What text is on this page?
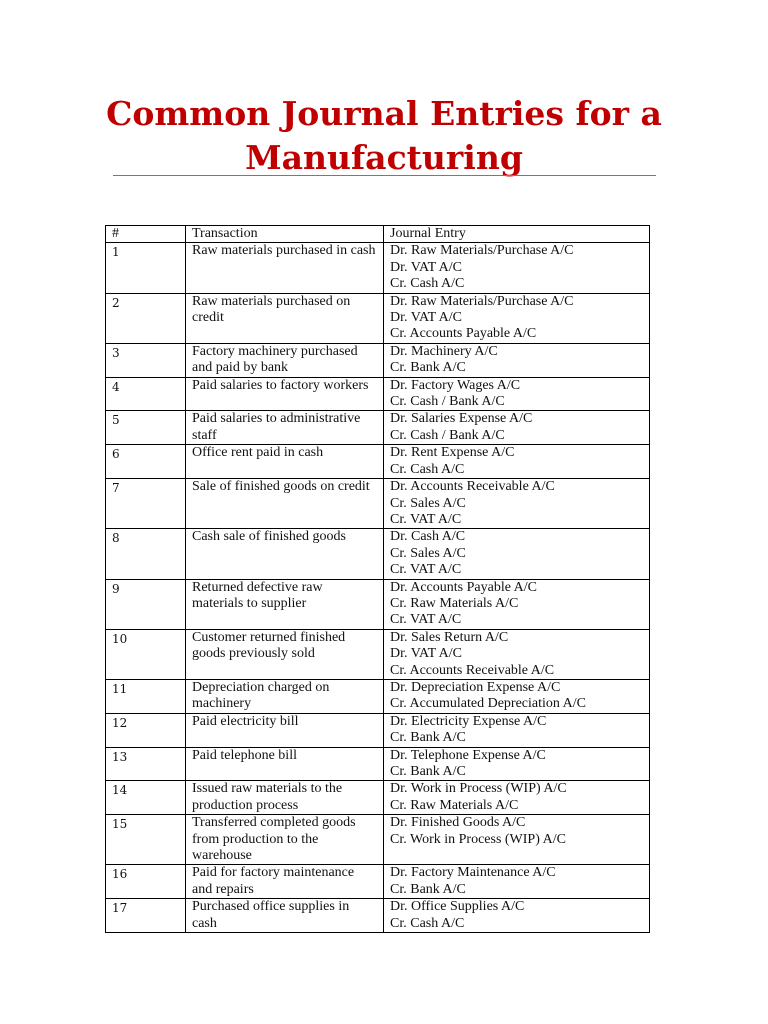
Common Journal Entries for a Manufacturing
#	Transaction	Journal Entry
1	Raw materials purchased in cash	Dr. Raw Materials/Purchase A/C
Dr. VAT A/C
Cr. Cash A/C

2	Raw materials purchased on credit	Dr. Raw Materials/Purchase A/C
Dr. VAT A/C
Cr. Accounts Payable A/C

3	Factory machinery purchased and paid by bank	Dr. Machinery A/C
Cr. Bank A/C

4	Paid salaries to factory workers	Dr. Factory Wages A/C
Cr. Cash / Bank A/C

5	Paid salaries to administrative staff	Dr. Salaries Expense A/C
Cr. Cash / Bank A/C

6	Office rent paid in cash	Dr. Rent Expense A/C
Cr. Cash A/C

7	Sale of finished goods on credit	Dr. Accounts Receivable A/C
Cr. Sales A/C
Cr. VAT A/C

8	Cash sale of finished goods	Dr. Cash A/C
Cr. Sales A/C
Cr. VAT A/C

9	Returned defective raw materials to supplier	Dr. Accounts Payable A/C
Cr. Raw Materials A/C
Cr. VAT A/C

10	Customer returned finished goods previously sold	Dr. Sales Return A/C
Dr. VAT A/C
Cr. Accounts Receivable A/C

11	Depreciation charged on machinery	Dr. Depreciation Expense A/C
Cr. Accumulated Depreciation A/C

12	Paid electricity bill	Dr. Electricity Expense A/C
Cr. Bank A/C

13	Paid telephone bill	Dr. Telephone Expense A/C
Cr. Bank A/C

14	Issued raw materials to the production process	Dr. Work in Process (WIP) A/C
Cr. Raw Materials A/C

15	Transferred completed goods from production to the warehouse	Dr. Finished Goods A/C
Cr. Work in Process (WIP) A/C

16	Paid for factory maintenance and repairs	Dr. Factory Maintenance A/C
Cr. Bank A/C

17	Purchased office supplies in cash	Dr. Office Supplies A/C
Cr. Cash A/C
